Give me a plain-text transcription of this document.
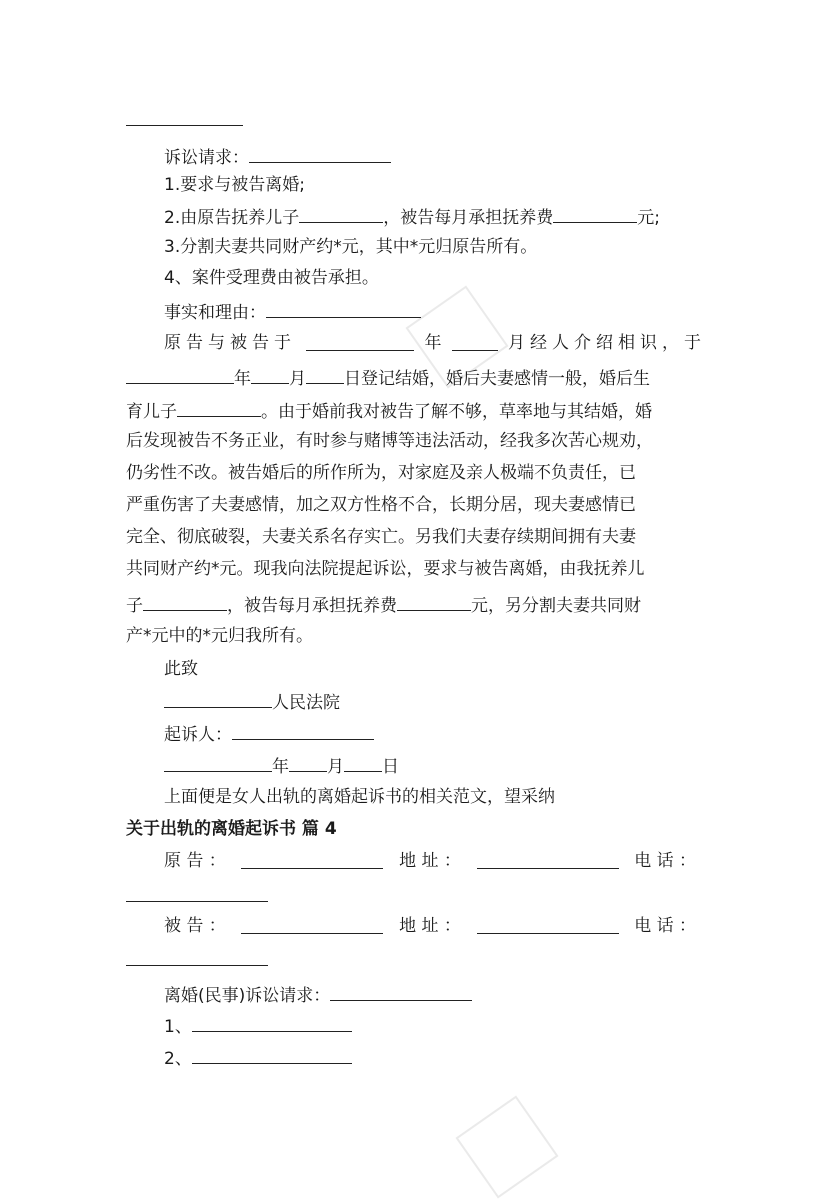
诉讼请求：
1.要求与被告离婚;
2.由原告抚养儿子	，被告每月承担抚养费	元;
3.分割夫妻共同财产约*元，其中*元归原告所有。
4、案件受理费由被告承担。
事实和理由：
原告与被告于	年	月经人介绍相识，于
年 月 日登记结婚，婚后夫妻感情一般，婚后生
育儿子	。由于婚前我对被告了解不够，草率地与其结婚，婚
后发现被告不务正业，有时参与赌博等违法活动，经我多次苦心规劝，
仍劣性不改。被告婚后的所作所为，对家庭及亲人极端不负责任，已
严重伤害了夫妻感情，加之双方性格不合，长期分居，现夫妻感情已
完全、彻底破裂，夫妻关系名存实亡。另我们夫妻存续期间拥有夫妻
共同财产约*元。现我向法院提起诉讼，要求与被告离婚，由我抚养儿
子	，被告每月承担抚养费	元，另分割夫妻共同财
产*元中的*元归我所有。
此致
人民法院
起诉人：
年 月 日
上面便是女人出轨的离婚起诉书的相关范文，望采纳
关于出轨的离婚起诉书 篇 4
原 告 ：	地 址 ：	电 话 ：
被 告 ：	地 址 ：	电 话 ：
离婚(民事)诉讼请求：
1、
2、
